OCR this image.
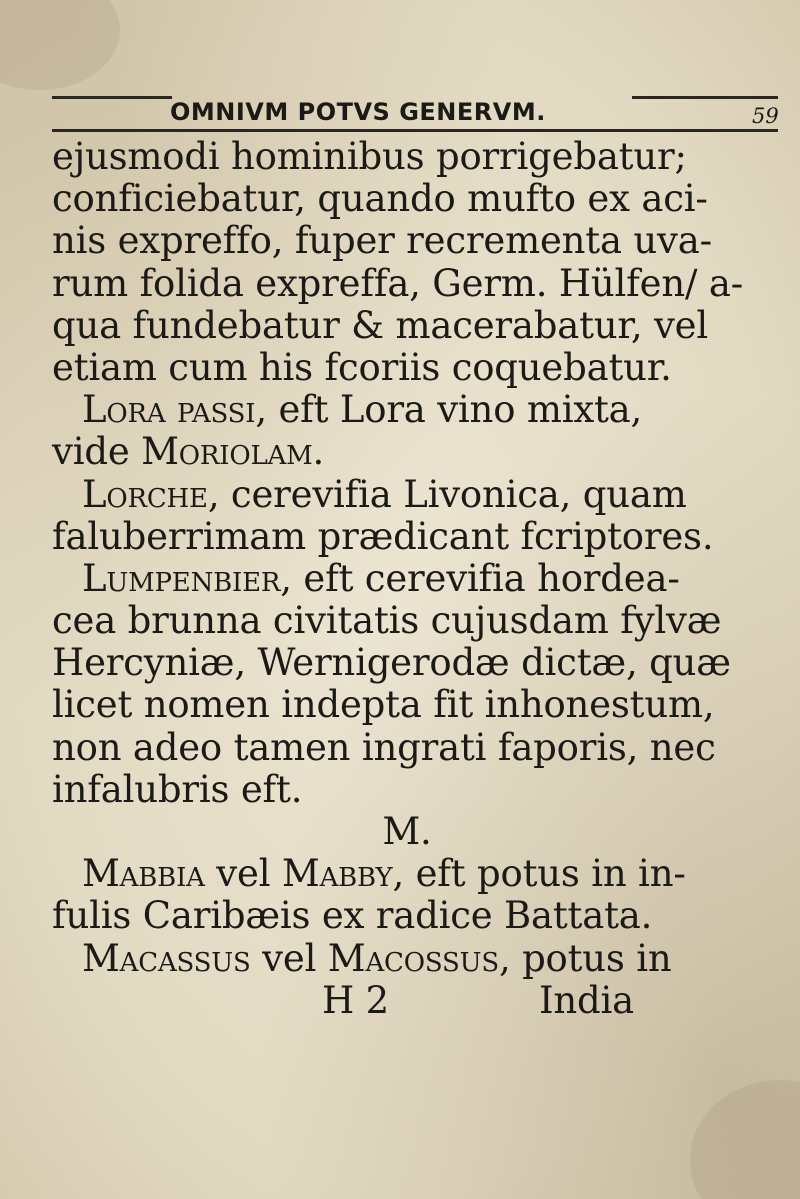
OMNIVM POTVS GENERVM.	59
ejusmodi hominibus porrigebatur;
conficiebatur, quando mufto ex aci-
nis expreffo, fuper recrementa uva-
rum folida expreffa, Germ. Hülfen/ a-
qua fundebatur & macerabatur, vel
etiam cum his fcoriis coquebatur.
Lora passi, eft Lora vino mixta,
vide Moriolam.
Lorche, cerevifia Livonica, quam
faluberrimam prædicant fcriptores.
Lumpenbier, eft cerevifia hordea-
cea brunna civitatis cujusdam fylvæ
Hercyniæ, Wernigerodæ dictæ, quæ
licet nomen indepta fit inhonestum,
non adeo tamen ingrati faporis, nec
infalubris eft.
M.
Mabbia vel Mabby, eft potus in in-
fulis Caribæis ex radice Battata.
Macassus vel Macossus, potus in
H 2	India
